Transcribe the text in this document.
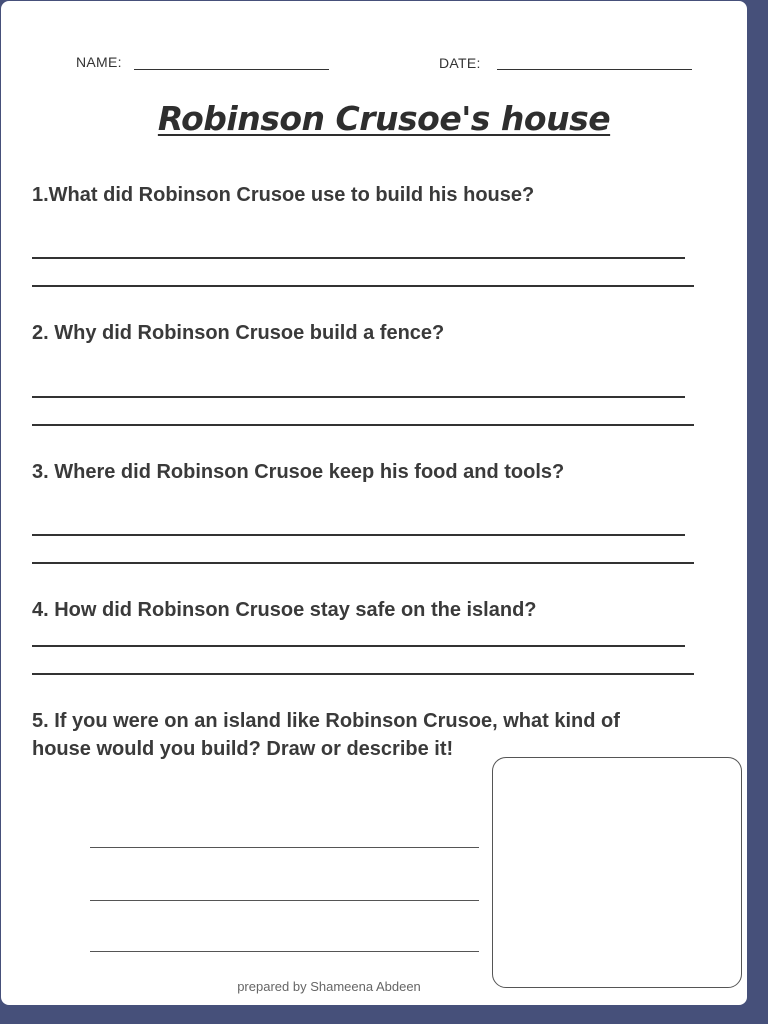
NAME:	DATE:
Robinson Crusoe's house
1.What did Robinson Crusoe use to build his house?
2. Why did Robinson Crusoe build a fence?
3. Where did Robinson Crusoe keep his food and tools?
4. How did Robinson Crusoe stay safe on the island?
5. If you were on an island like Robinson Crusoe, what kind of house would you build? Draw or describe it!
prepared by Shameena Abdeen
